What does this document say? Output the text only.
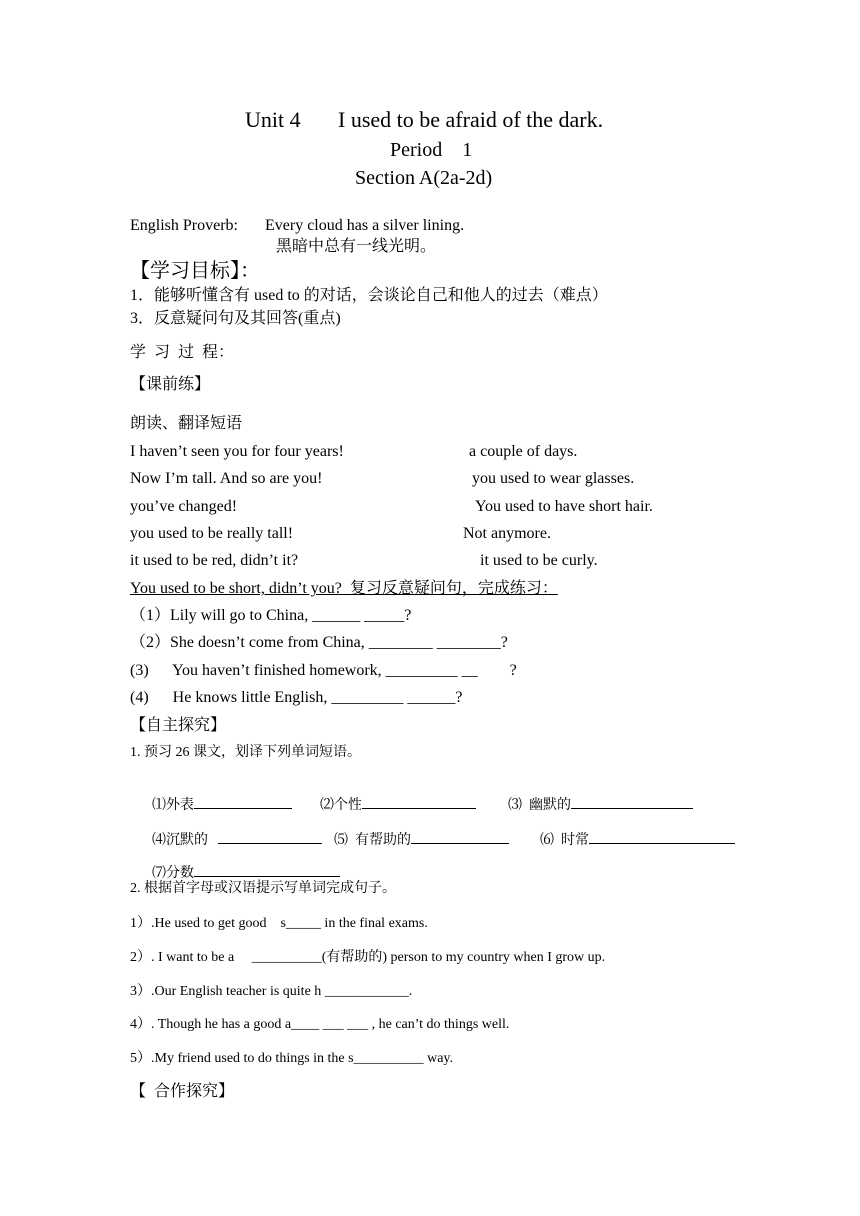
Unit 4 I used to be afraid of the dark.
Period    1
Section A(2a-2d)
English Proverb: Every cloud has a silver lining.
黑暗中总有一线光明。
【学习目标】：
1．能够听懂含有 used to 的对话，会谈论自己和他人的过去（难点）
3．反意疑问句及其回答(重点)
学  习  过  程：
【课前练】
朗读、翻译短语
I haven’t seen you for four years!	a couple of days.
Now I’m tall. And so are you!	you used to wear glasses.
you’ve changed!	You used to have short hair.
you used to be really tall!	Not anymore.
it used to be red, didn’t it?	it used to be curly.
You used to be short, didn’t you?  复习反意疑问句，完成练习：
（1）Lily will go to China, ______ _____?
（2）She doesn’t come from China, ________ ________?
(3)      You haven’t finished homework, _________ __        ?
(4)      He knows little English, _________ ______?
【自主探究】
1. 预习 26 课文，划译下列单词短语。

⑴外表	⑵个性	⑶  幽默的

⑷沉默的	⑸  有帮助的	⑹  时常

⑺分数

2. 根据首字母或汉语提示写单词完成句子。
1）.He used to get good    s_____ in the final exams.
2）. I want to be a     __________(有帮助的) person to my country when I grow up.
3）.Our English teacher is quite h ____________.
4）. Though he has a good a____ ___ ___ , he can’t do things well.
5）.My friend used to do things in the s__________ way.
【  合作探究】
